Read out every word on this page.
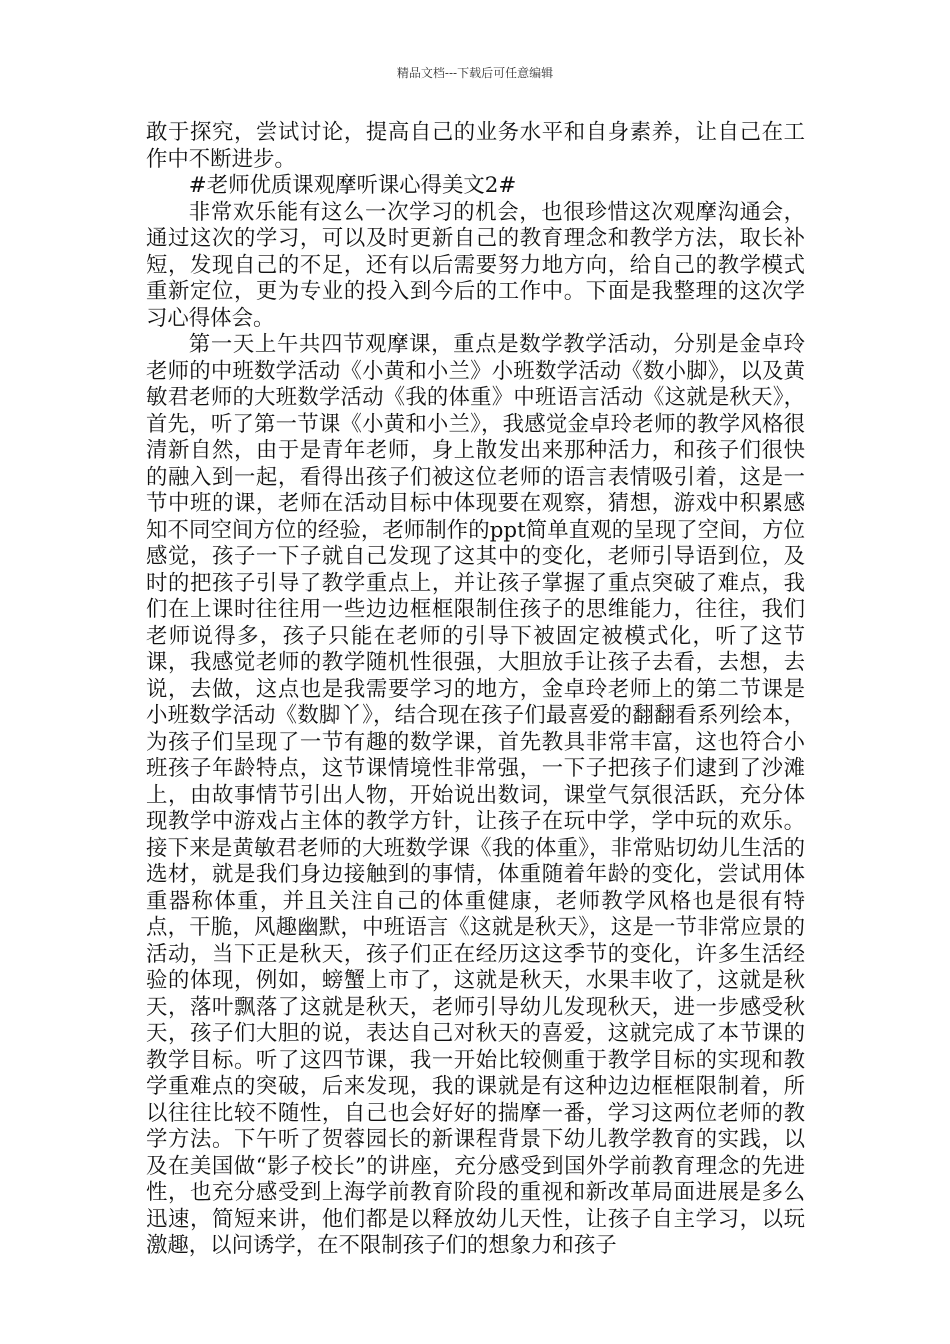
精品文档---下载后可任意编辑

敢于探究，尝试讨论，提高自己的业务水平和自身素养，让自己在工作中不断进步。

#老师优质课观摩听课心得美文2#

非常欢乐能有这么一次学习的机会，也很珍惜这次观摩沟通会，通过这次的学习，可以及时更新自己的教育理念和教学方法，取长补短，发现自己的不足，还有以后需要努力地方向，给自己的教学模式重新定位，更为专业的投入到今后的工作中。下面是我整理的这次学习心得体会。

第一天上午共四节观摩课，重点是数学教学活动，分别是金卓玲老师的中班数学活动《小黄和小兰》小班数学活动《数小脚》，以及黄敏君老师的大班数学活动《我的体重》中班语言活动《这就是秋天》，首先，听了第一节课《小黄和小兰》，我感觉金卓玲老师的教学风格很清新自然，由于是青年老师，身上散发出来那种活力，和孩子们很快的融入到一起，看得出孩子们被这位老师的语言表情吸引着，这是一节中班的课，老师在活动目标中体现要在观察，猜想，游戏中积累感知不同空间方位的经验，老师制作的ppt简单直观的呈现了空间，方位感觉，孩子一下子就自己发现了这其中的变化，老师引导语到位，及时的把孩子引导了教学重点上，并让孩子掌握了重点突破了难点，我们在上课时往往用一些边边框框限制住孩子的思维能力，往往，我们老师说得多，孩子只能在老师的引导下被固定被模式化，听了这节课，我感觉老师的教学随机性很强，大胆放手让孩子去看，去想，去说，去做，这点也是我需要学习的地方，金卓玲老师上的第二节课是小班数学活动《数脚丫》，结合现在孩子们最喜爱的翻翻看系列绘本，为孩子们呈现了一节有趣的数学课，首先教具非常丰富，这也符合小班孩子年龄特点，这节课情境性非常强，一下子把孩子们逮到了沙滩上，由故事情节引出人物，开始说出数词，课堂气氛很活跃，充分体现教学中游戏占主体的教学方针，让孩子在玩中学，学中玩的欢乐。接下来是黄敏君老师的大班数学课《我的体重》，非常贴切幼儿生活的选材，就是我们身边接触到的事情，体重随着年龄的变化，尝试用体重器称体重，并且关注自己的体重健康，老师教学风格也是很有特点，干脆，风趣幽默，中班语言《这就是秋天》，这是一节非常应景的活动，当下正是秋天，孩子们正在经历这这季节的变化，许多生活经验的体现，例如，螃蟹上市了，这就是秋天，水果丰收了，这就是秋天，落叶飘落了这就是秋天，老师引导幼儿发现秋天，进一步感受秋天，孩子们大胆的说，表达自己对秋天的喜爱，这就完成了本节课的教学目标。听了这四节课，我一开始比较侧重于教学目标的实现和教学重难点的突破，后来发现，我的课就是有这种边边框框限制着，所以往往比较不随性，自己也会好好的揣摩一番，学习这两位老师的教学方法。下午听了贺蓉园长的新课程背景下幼儿教学教育的实践，以及在美国做“影子校长”的讲座，充分感受到国外学前教育理念的先进性，也充分感受到上海学前教育阶段的重视和新改革局面进展是多么迅速，简短来讲，他们都是以释放幼儿天性，让孩子自主学习，以玩激趣，以问诱学，在不限制孩子们的想象力和孩子
